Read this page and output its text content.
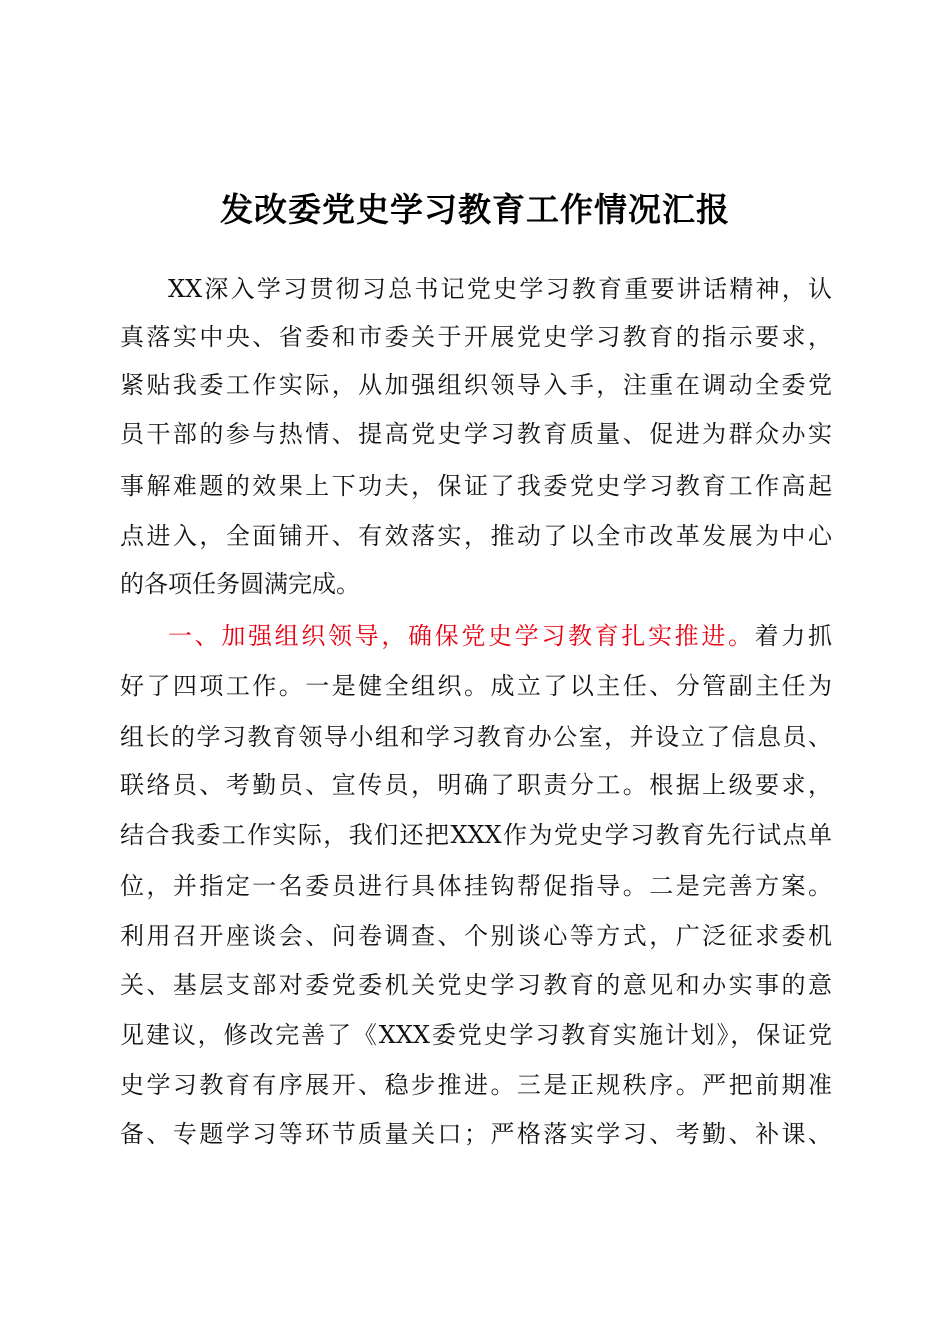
发改委党史学习教育工作情况汇报
XX深入学习贯彻习总书记党史学习教育重要讲话精神，认
真落实中央、省委和市委关于开展党史学习教育的指示要求，
紧贴我委工作实际，从加强组织领导入手，注重在调动全委党
员干部的参与热情、提高党史学习教育质量、促进为群众办实
事解难题的效果上下功夫，保证了我委党史学习教育工作高起
点进入，全面铺开、有效落实，推动了以全市改革发展为中心
的各项任务圆满完成。
一、加强组织领导，确保党史学习教育扎实推进。着力抓
好了四项工作。一是健全组织。成立了以主任、分管副主任为
组长的学习教育领导小组和学习教育办公室，并设立了信息员、
联络员、考勤员、宣传员，明确了职责分工。根据上级要求，
结合我委工作实际，我们还把XXX作为党史学习教育先行试点单
位，并指定一名委员进行具体挂钩帮促指导。二是完善方案。
利用召开座谈会、问卷调查、个别谈心等方式，广泛征求委机
关、基层支部对委党委机关党史学习教育的意见和办实事的意
见建议，修改完善了《XXX委党史学习教育实施计划》，保证党
史学习教育有序展开、稳步推进。三是正规秩序。严把前期准
备、专题学习等环节质量关口；严格落实学习、考勤、补课、
